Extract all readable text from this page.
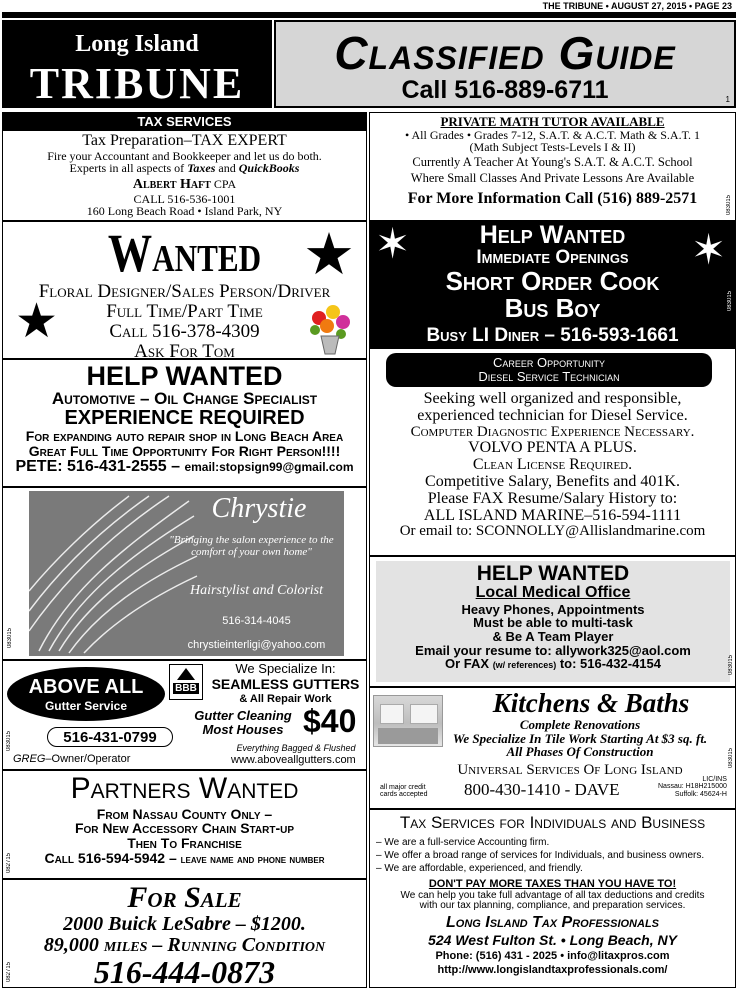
THE TRIBUNE • AUGUST 27, 2015 • PAGE 23
Long Island
TRIBUNE
Classified Guide
Call 516-889-6711	1
TAX SERVICES
Tax Preparation–TAX EXPERT
Fire your Accountant and Bookkeeper and let us do both.
Experts in all aspects of Taxes and QuickBooks
Albert Haft CPA
CALL 516-536-1001
160 Long Beach Road • Island Park, NY
Wanted ★
★
Floral Designer/Sales Person/Driver
Full Time/Part Time
Call 516-378-4309
Ask For Tom
HELP WANTED
Automotive – Oil Change Specialist
EXPERIENCE REQUIRED
For expanding auto repair shop in Long Beach Area
Great Full Time Opportunity For Right Person!!!!
PETE: 516-431-2555 – email:stopsign99@gmail.com
Chrystie
"Bringing the salon experience to the
comfort of your own home"
Hairstylist and Colorist
516-314-4045
chrystieinterligi@yahoo.com
083015
ABOVE ALL
Gutter Service
BBB
We Specialize In:
SEAMLESS GUTTERS
& All Repair Work
Gutter Cleaning
Most Houses $40
Everything Bagged & Flushed
516-431-0799
GREG–Owner/Operator	www.aboveallgutters.com
083015
Partners Wanted
From Nassau County Only –
For New Accessory Chain Start-up
Then To Franchise
Call 516-594-5942 – leave name and phone number
082715
For Sale
2000 Buick LeSabre – $1200.
89,000 miles – Running Condition
516-444-0873
082715
PRIVATE MATH TUTOR AVAILABLE
• All Grades • Grades 7-12, S.A.T. & A.C.T. Math & S.A.T. 1
(Math Subject Tests-Levels I & II)
Currently A Teacher At Young's S.A.T. & A.C.T. School
Where Small Classes And Private Lessons Are Available
For More Information Call (516) 889-2571	083015
✶	✶
Help Wanted
Immediate Openings
Short Order Cook
Bus Boy
Busy LI Diner – 516-593-1661
083015
Career Opportunity
Diesel Service Technician
Seeking well organized and responsible,
experienced technician for Diesel Service.
Computer Diagnostic Experience Necessary.
VOLVO PENTA A PLUS.
Clean License Required.
Competitive Salary, Benefits and 401K.
Please FAX Resume/Salary History to:
ALL ISLAND MARINE–516-594-1111
Or email to: SCONNOLLY@Allislandmarine.com
HELP WANTED
Local Medical Office
Heavy Phones, Appointments
Must be able to multi-task
& Be A Team Player
Email your resume to: allywork325@aol.com
Or FAX (w/ references) to: 516-432-4154	083015
Kitchens & Baths
Complete Renovations
We Specialize In Tile Work Starting At $3 sq. ft.
All Phases Of Construction
Universal Services Of Long Island
all major credit
cards accepted 800-430-1410 - DAVE
LIC/INS
Nassau: H18H215000
Suffolk: 45624-H
083015
Tax Services for Individuals and Business
– We are a full-service Accounting firm.
– We offer a broad range of services for Individuals, and business owners.
– We are affordable, experienced, and friendly.
DON'T PAY MORE TAXES THAN YOU HAVE TO!
We can help you take full advantage of all tax deductions and credits
with our tax planning, compliance, and preparation services.
Long Island Tax Professionals
524 West Fulton St. • Long Beach, NY
Phone: (516) 431 - 2025 • info@litaxpros.com
http://www.longislandtaxprofessionals.com/
